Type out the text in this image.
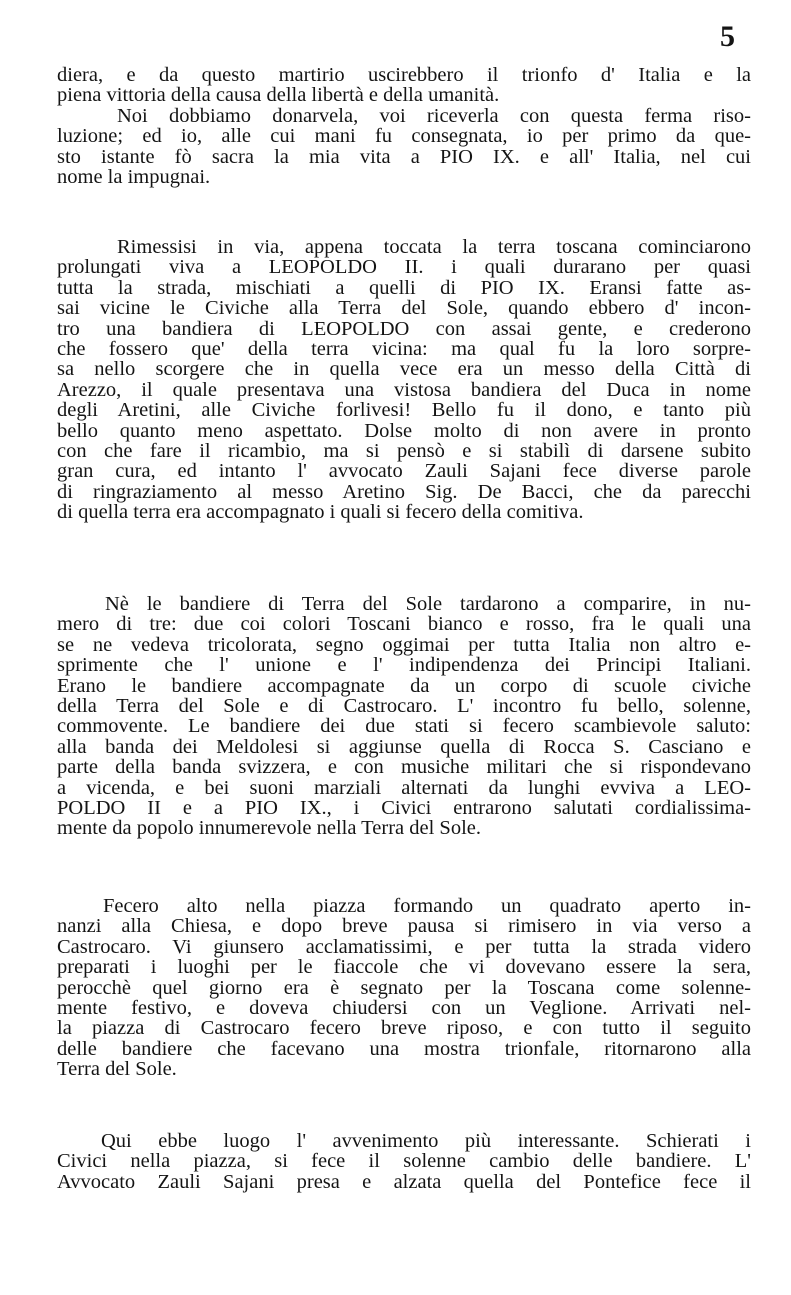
5
diera, e da questo martirio uscirebbero il trionfo d' Italia e la
piena vittoria della causa della libertà e della umanità.
Noi dobbiamo donarvela, voi riceverla con questa ferma riso-
luzione; ed io, alle cui mani fu consegnata, io per primo da que-
sto istante fò sacra la mia vita a PIO IX. e all' Italia, nel cui
nome la impugnai.
Rimessisi in via, appena toccata la terra toscana cominciarono
prolungati viva a LEOPOLDO II. i quali durarano per quasi
tutta la strada, mischiati a quelli di PIO IX. Eransi fatte as-
sai vicine le Civiche alla Terra del Sole, quando ebbero d' incon-
tro una bandiera di LEOPOLDO con assai gente, e crederono
che fossero que' della terra vicina: ma qual fu la loro sorpre-
sa nello scorgere che in quella vece era un messo della Città di
Arezzo, il quale presentava una vistosa bandiera del Duca in nome
degli Aretini, alle Civiche forlivesi! Bello fu il dono, e tanto più
bello quanto meno aspettato. Dolse molto di non avere in pronto
con che fare il ricambio, ma si pensò e si stabilì di darsene subito
gran cura, ed intanto l' avvocato Zauli Sajani fece diverse parole
di ringraziamento al messo Aretino Sig. De Bacci, che da parecchi
di quella terra era accompagnato i quali si fecero della comitiva.
Nè le bandiere di Terra del Sole tardarono a comparire, in nu-
mero di tre: due coi colori Toscani bianco e rosso, fra le quali una
se ne vedeva tricolorata, segno oggimai per tutta Italia non altro e-
sprimente che l' unione e l' indipendenza dei Principi Italiani.
Erano le bandiere accompagnate da un corpo di scuole civiche
della Terra del Sole e di Castrocaro. L' incontro fu bello, solenne,
commovente. Le bandiere dei due stati si fecero scambievole saluto:
alla banda dei Meldolesi si aggiunse quella di Rocca S. Casciano e
parte della banda svizzera, e con musiche militari che si rispondevano
a vicenda, e bei suoni marziali alternati da lunghi evviva a LEO-
POLDO II e a PIO IX., i Civici entrarono salutati cordialissima-
mente da popolo innumerevole nella Terra del Sole.
Fecero alto nella piazza formando un quadrato aperto in-
nanzi alla Chiesa, e dopo breve pausa si rimisero in via verso a
Castrocaro. Vi giunsero acclamatissimi, e per tutta la strada videro
preparati i luoghi per le fiaccole che vi dovevano essere la sera,
perocchè quel giorno era è segnato per la Toscana come solenne-
mente festivo, e doveva chiudersi con un Veglione. Arrivati nel-
la piazza di Castrocaro fecero breve riposo, e con tutto il seguito
delle bandiere che facevano una mostra trionfale, ritornarono alla
Terra del Sole.
Qui ebbe luogo l' avvenimento più interessante. Schierati i
Civici nella piazza, si fece il solenne cambio delle bandiere. L'
Avvocato Zauli Sajani presa e alzata quella del Pontefice fece il
